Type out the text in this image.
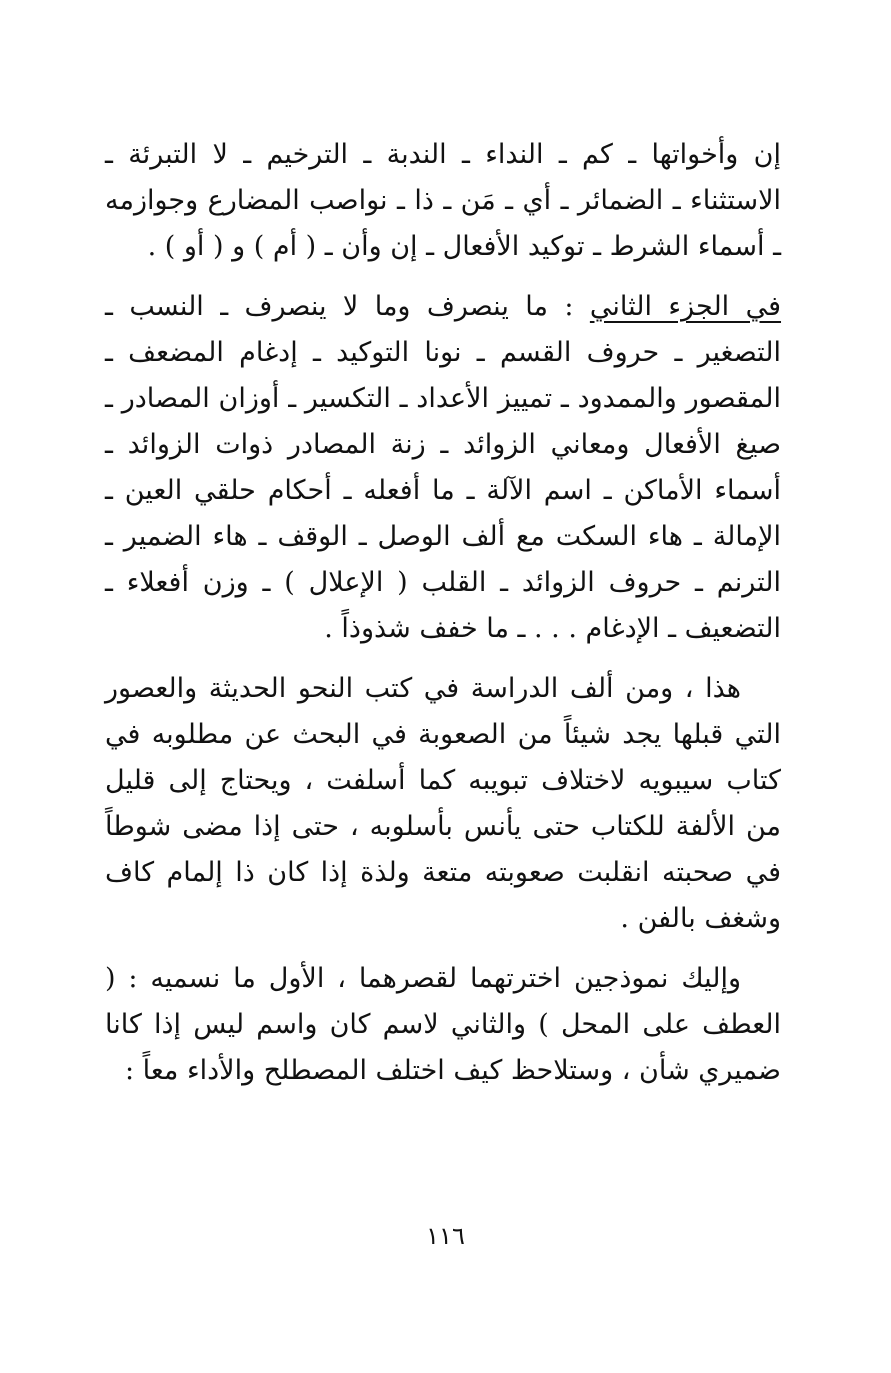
إن وأخواتها ـ كم ـ النداء ـ الندبة ـ الترخيم ـ لا التبرئة ـ الاستثناء ـ الضمائر ـ أي ـ مَن ـ ذا ـ نواصب المضارع وجوازمه ـ أسماء الشرط ـ توكيد الأفعال ـ إن وأن ـ ( أم ) و ( أو ) .

في الجزء الثاني : ما ينصرف وما لا ينصرف ـ النسب ـ التصغير ـ حروف القسم ـ نونا التوكيد ـ إدغام المضعف ـ المقصور والممدود ـ تمييز الأعداد ـ التكسير ـ أوزان المصادر ـ صيغ الأفعال ومعاني الزوائد ـ زنة المصادر ذوات الزوائد ـ أسماء الأماكن ـ اسم الآلة ـ ما أفعله ـ أحكام حلقي العين ـ الإمالة ـ هاء السكت مع ألف الوصل ـ الوقف ـ هاء الضمير ـ الترنم ـ حروف الزوائد ـ القلب ( الإعلال ) ـ وزن أفعلاء ـ التضعيف ـ الإدغام . . . ـ ما خفف شذوذاً .

هذا ، ومن ألف الدراسة في كتب النحو الحديثة والعصور التي قبلها يجد شيئاً من الصعوبة في البحث عن مطلوبه في كتاب سيبويه لاختلاف تبويبه كما أسلفت ، ويحتاج إلى قليل من الألفة للكتاب حتى يأنس بأسلوبه ، حتى إذا مضى شوطاً في صحبته انقلبت صعوبته متعة ولذة إذا كان ذا إلمام كاف وشغف بالفن .

وإليك نموذجين اخترتهما لقصرهما ، الأول ما نسميه : ( العطف على المحل ) والثاني لاسم كان واسم ليس إذا كانا ضميري شأن ، وستلاحظ كيف اختلف المصطلح والأداء معاً :

١١٦
